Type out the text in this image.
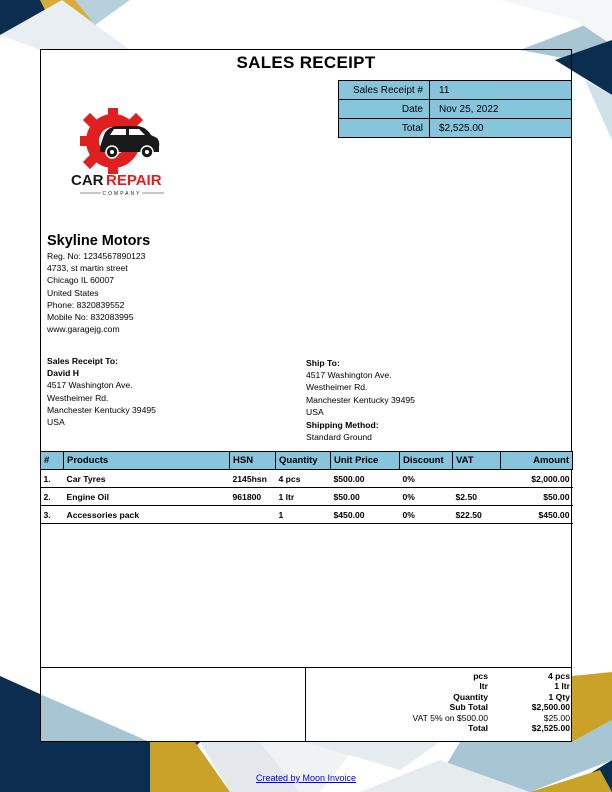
SALES RECEIPT
Sales Receipt #	11
Date	Nov 25, 2022
Total	$2,525.00
CAR REPAIR
COMPANY
Skyline Motors
Reg. No: 1234567890123
4733, st martin street
Chicago IL 60007
United States
Phone: 8320839552
Mobile No: 832083995
www.garagejg.com
Sales Receipt To:
David H
4517 Washington Ave.
Westheimer Rd.
Manchester Kentucky 39495
USA
Ship To:
4517 Washington Ave.
Westheimer Rd.
Manchester Kentucky 39495
USA
Shipping Method:
Standard Ground
#	Products	HSN	Quantity	Unit Price	Discount	VAT	Amount
1.	Car Tyres	2145hsn	4 pcs	$500.00	0%		$2,000.00
2.	Engine Oil	961800	1 ltr	$50.00	0%	$2.50	$50.00
3.	Accessories pack		1	$450.00	0%	$22.50	$450.00
pcs	4 pcs
ltr	1 ltr
Quantity	1 Qty
Sub Total	$2,500.00
VAT 5% on $500.00	$25.00
Total	$2,525.00
Created by Moon Invoice
